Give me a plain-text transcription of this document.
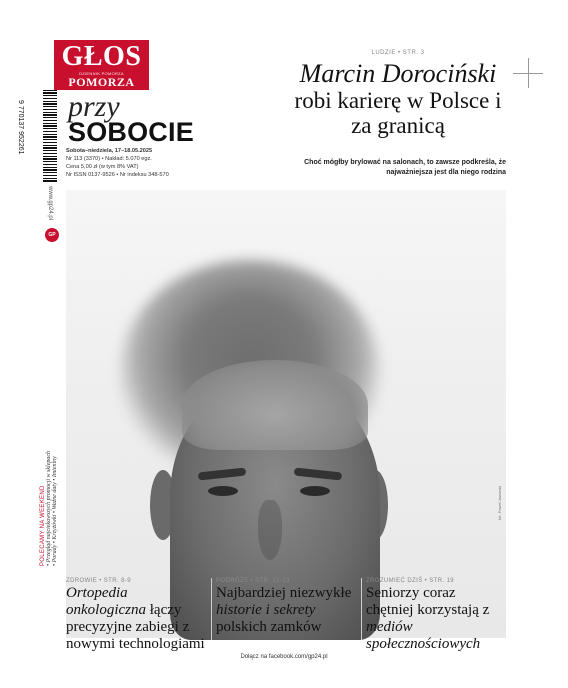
GŁOS
DZIENNIK POMORZA
POMORZA
przy
SOBOCIE
Sobota–niedziela, 17–18.05.2025
Nr 113 (3370) • Nakład: 5.070 egz.
Cena 5,00 zł (w tym 8% VAT)
Nr ISSN 0137-9526 • Nr indeksu 348-570
9 770137 952261
www.gp24.pl
GP
LUDZIE • STR. 3
Marcin Dorociński
robi karierę w Polsce i za granicą
Choć mógłby brylować na salonach, to zawsze podkreśla, że najważniejsza jest dla niego rodzina
fot. Paweł Jaworski
POLECAMY NA WEEKEND • Przegląd najciekawszych promocji w sklepach • Porady • Krzyżówki • Ważne daty • Imieniny
ZDROWIE • STR. 8-9
Ortopedia onkologiczna łączy precyzyjne zabiegi z nowymi technologiami
PODRÓŻE • STR. 12-13
Najbardziej niezwykłe historie i sekrety polskich zamków
ZROZUMIEĆ DZIŚ • STR. 19
Seniorzy coraz chętniej korzystają z mediów społecznościowych
Dołącz na facebook.com/gp24.pl
